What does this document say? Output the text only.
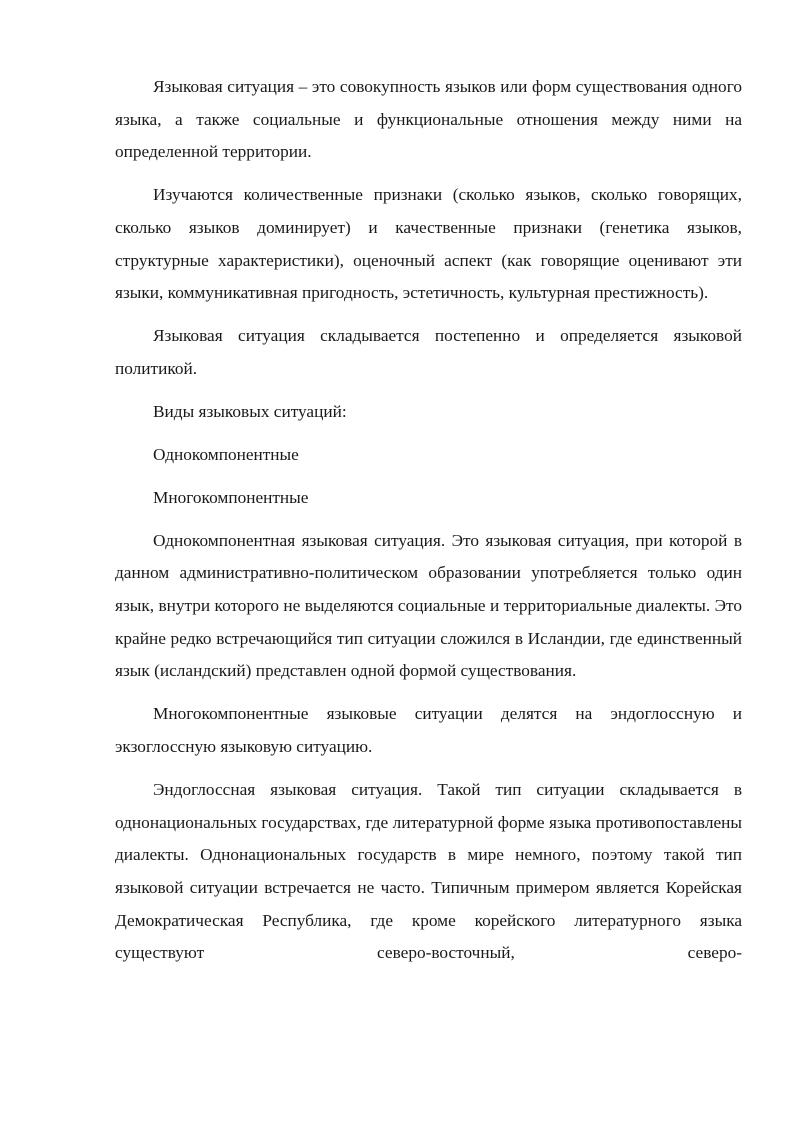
Языковая ситуация – это совокупность языков или форм существования одного языка, а также социальные и функциональные отношения между ними на определенной территории.

Изучаются количественные признаки (сколько языков, сколько говорящих, сколько языков доминирует) и качественные признаки (генетика языков, структурные характеристики), оценочный аспект (как говорящие оценивают эти языки, коммуникативная пригодность, эстетичность, культурная престижность).

Языковая ситуация складывается постепенно и определяется языковой политикой.

Виды языковых ситуаций:

Однокомпонентные

Многокомпонентные

Однокомпонентная языковая ситуация. Это языковая ситуация, при которой в данном административно-политическом образовании употребляется только один язык, внутри которого не выделяются социальные и территориальные диалекты. Это крайне редко встречающийся тип ситуации сложился в Исландии, где единственный язык (исландский) представлен одной формой существования.

Многокомпонентные языковые ситуации делятся на эндоглоссную и экзоглоссную языковую ситуацию.

Эндоглоссная языковая ситуация. Такой тип ситуации складывается в однонациональных государствах, где литературной форме языка противопоставлены диалекты. Однонациональных государств в мире немного, поэтому такой тип языковой ситуации встречается не часто. Типичным примером является Корейская Демократическая Республика, где кроме корейского литературного языка существуют северо-восточный, северо-
